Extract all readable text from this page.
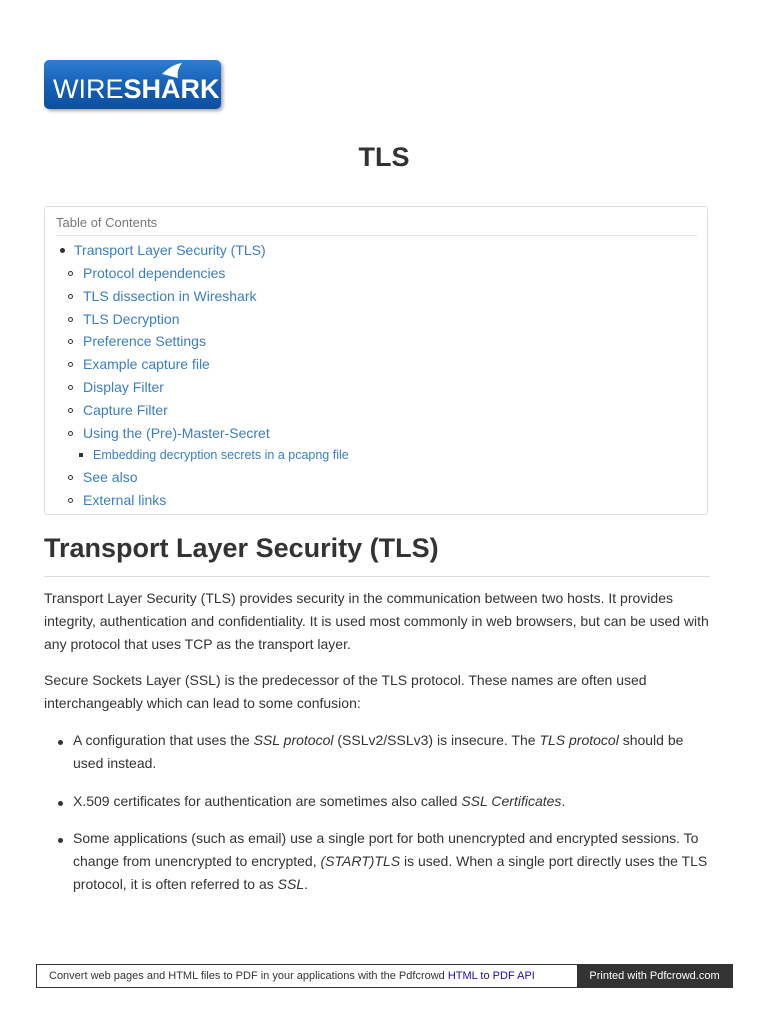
WIRESHARK
TLS
Table of Contents
Transport Layer Security (TLS)
Protocol dependencies
TLS dissection in Wireshark
TLS Decryption
Preference Settings
Example capture file
Display Filter
Capture Filter
Using the (Pre)-Master-Secret
Embedding decryption secrets in a pcapng file
See also
External links
Transport Layer Security (TLS)

Transport Layer Security (TLS) provides security in the communication between two hosts. It provides integrity, authentication and confidentiality. It is used most commonly in web browsers, but can be used with any protocol that uses TCP as the transport layer.

Secure Sockets Layer (SSL) is the predecessor of the TLS protocol. These names are often used interchangeably which can lead to some confusion:

A configuration that uses the SSL protocol (SSLv2/SSLv3) is insecure. The TLS protocol should be used instead.

X.509 certificates for authentication are sometimes also called SSL Certificates.

Some applications (such as email) use a single port for both unencrypted and encrypted sessions. To change from unencrypted to encrypted, (START)TLS is used. When a single port directly uses the TLS protocol, it is often referred to as SSL.

Convert web pages and HTML files to PDF in your applications with the Pdfcrowd HTML to PDF API	Printed with Pdfcrowd.com
